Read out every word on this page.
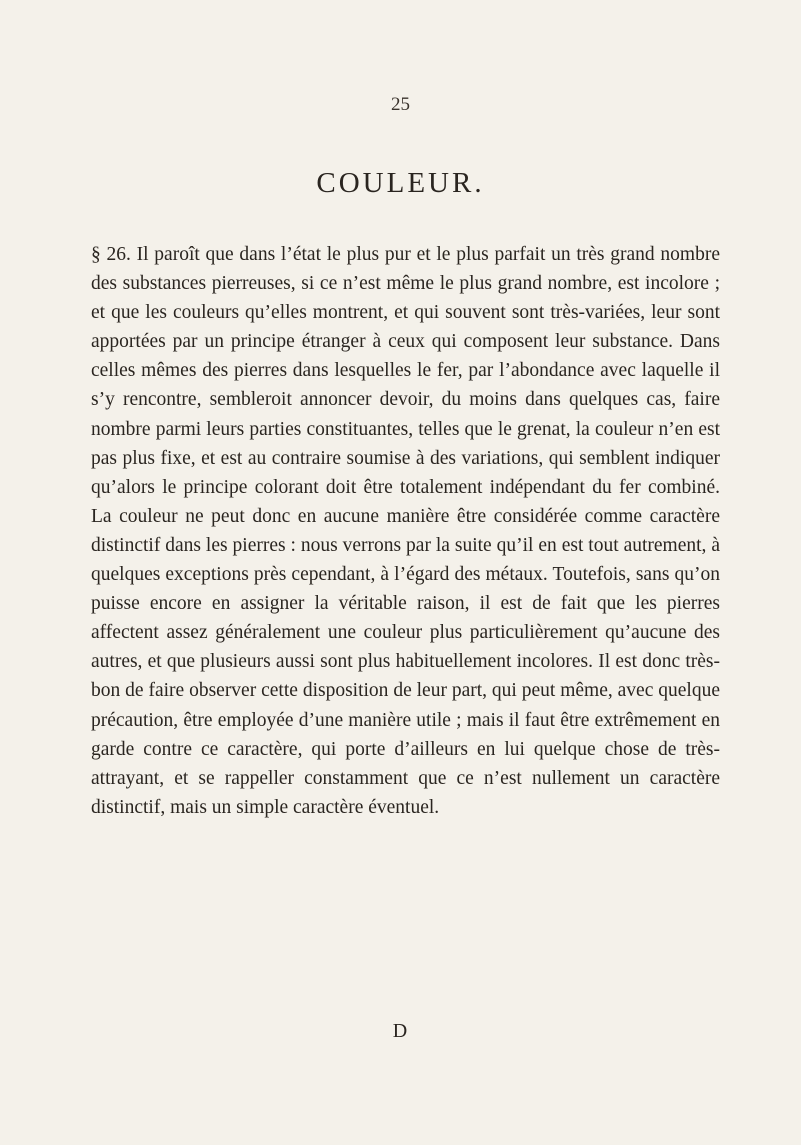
25
COULEUR.

§ 26. Il paroît que dans l’état le plus pur et le plus parfait un très grand nombre des substances pierreuses, si ce n’est même le plus grand nombre, est incolore ; et que les couleurs qu’elles montrent, et qui souvent sont très-variées, leur sont apportées par un principe étranger à ceux qui composent leur substance. Dans celles mêmes des pierres dans lesquelles le fer, par l’abondance avec laquelle il s’y rencontre, sembleroit annoncer devoir, du moins dans quelques cas, faire nombre parmi leurs parties constituantes, telles que le grenat, la couleur n’en est pas plus fixe, et est au contraire soumise à des variations, qui semblent indiquer qu’alors le principe colorant doit être totalement indépendant du fer combiné. La couleur ne peut donc en aucune manière être considérée comme caractère distinctif dans les pierres : nous verrons par la suite qu’il en est tout autrement, à quelques exceptions près cependant, à l’égard des métaux. Toutefois, sans qu’on puisse encore en assigner la véritable raison, il est de fait que les pierres affectent assez généralement une couleur plus particulièrement qu’aucune des autres, et que plusieurs aussi sont plus habituellement incolores. Il est donc très-bon de faire observer cette disposition de leur part, qui peut même, avec quelque précaution, être employée d’une manière utile ; mais il faut être extrêmement en garde contre ce caractère, qui porte d’ailleurs en lui quelque chose de très-attrayant, et se rappeller constamment que ce n’est nullement un caractère distinctif, mais un simple caractère éventuel.

D
